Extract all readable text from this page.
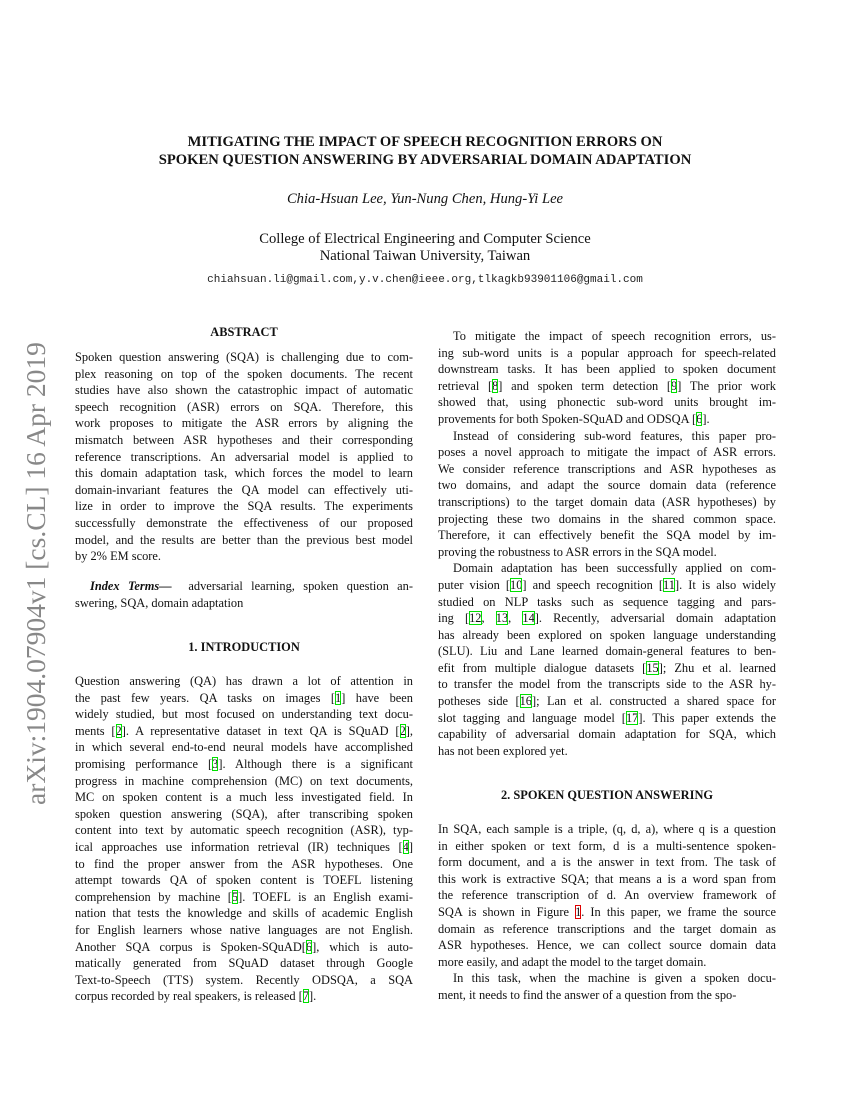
arXiv:1904.07904v1 [cs.CL] 16 Apr 2019
MITIGATING THE IMPACT OF SPEECH RECOGNITION ERRORS ON
SPOKEN QUESTION ANSWERING BY ADVERSARIAL DOMAIN ADAPTATION
Chia-Hsuan Lee, Yun-Nung Chen, Hung-Yi Lee
College of Electrical Engineering and Computer Science
National Taiwan University, Taiwan
chiahsuan.li@gmail.com,y.v.chen@ieee.org,tlkagkb93901106@gmail.com
ABSTRACT
Spoken question answering (SQA) is challenging due to com-
plex reasoning on top of the spoken documents. The recent
studies have also shown the catastrophic impact of automatic
speech recognition (ASR) errors on SQA. Therefore, this
work proposes to mitigate the ASR errors by aligning the
mismatch between ASR hypotheses and their corresponding
reference transcriptions. An adversarial model is applied to
this domain adaptation task, which forces the model to learn
domain-invariant features the QA model can effectively uti-
lize in order to improve the SQA results. The experiments
successfully demonstrate the effectiveness of our proposed
model, and the results are better than the previous best model
by 2% EM score.
Index Terms— adversarial learning, spoken question an-
swering, SQA, domain adaptation
1. INTRODUCTION
Question answering (QA) has drawn a lot of attention in
the past few years. QA tasks on images [1] have been
widely studied, but most focused on understanding text docu-
ments [2]. A representative dataset in text QA is SQuAD [2],
in which several end-to-end neural models have accomplished
promising performance [3]. Although there is a significant
progress in machine comprehension (MC) on text documents,
MC on spoken content is a much less investigated field. In
spoken question answering (SQA), after transcribing spoken
content into text by automatic speech recognition (ASR), typ-
ical approaches use information retrieval (IR) techniques [4]
to find the proper answer from the ASR hypotheses. One
attempt towards QA of spoken content is TOEFL listening
comprehension by machine [5]. TOEFL is an English exami-
nation that tests the knowledge and skills of academic English
for English learners whose native languages are not English.
Another SQA corpus is Spoken-SQuAD[6], which is auto-
matically generated from SQuAD dataset through Google
Text-to-Speech (TTS) system. Recently ODSQA, a SQA
corpus recorded by real speakers, is released [7].
To mitigate the impact of speech recognition errors, us-
ing sub-word units is a popular approach for speech-related
downstream tasks. It has been applied to spoken document
retrieval [8] and spoken term detection [9] The prior work
showed that, using phonectic sub-word units brought im-
provements for both Spoken-SQuAD and ODSQA [6].
Instead of considering sub-word features, this paper pro-
poses a novel approach to mitigate the impact of ASR errors.
We consider reference transcriptions and ASR hypotheses as
two domains, and adapt the source domain data (reference
transcriptions) to the target domain data (ASR hypotheses) by
projecting these two domains in the shared common space.
Therefore, it can effectively benefit the SQA model by im-
proving the robustness to ASR errors in the SQA model.
Domain adaptation has been successfully applied on com-
puter vision [10] and speech recognition [11]. It is also widely
studied on NLP tasks such as sequence tagging and pars-
ing [12, 13, 14]. Recently, adversarial domain adaptation
has already been explored on spoken language understanding
(SLU). Liu and Lane learned domain-general features to ben-
efit from multiple dialogue datasets [15]; Zhu et al. learned
to transfer the model from the transcripts side to the ASR hy-
potheses side [16]; Lan et al. constructed a shared space for
slot tagging and language model [17]. This paper extends the
capability of adversarial domain adaptation for SQA, which
has not been explored yet.
2. SPOKEN QUESTION ANSWERING
In SQA, each sample is a triple, (q, d, a), where q is a question
in either spoken or text form, d is a multi-sentence spoken-
form document, and a is the answer in text from. The task of
this work is extractive SQA; that means a is a word span from
the reference transcription of d. An overview framework of
SQA is shown in Figure 1. In this paper, we frame the source
domain as reference transcriptions and the target domain as
ASR hypotheses. Hence, we can collect source domain data
more easily, and adapt the model to the target domain.
In this task, when the machine is given a spoken docu-
ment, it needs to find the answer of a question from the spo-
